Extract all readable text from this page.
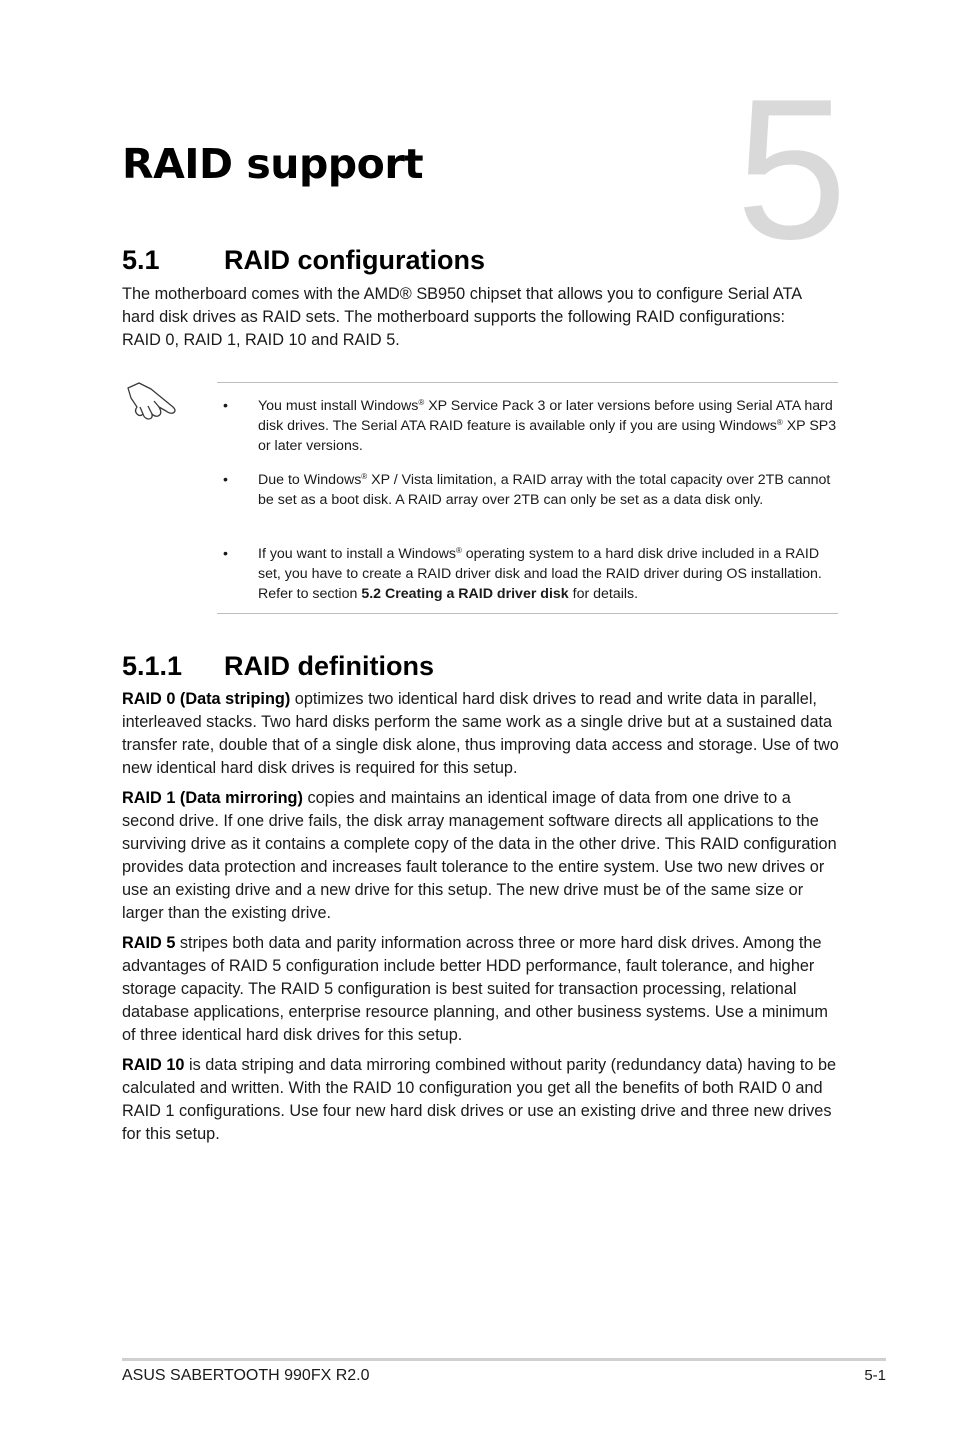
5
RAID support
5.1 RAID configurations

The motherboard comes with the AMD® SB950 chipset that allows you to configure Serial ATA hard disk drives as RAID sets. The motherboard supports the following RAID configurations: RAID 0, RAID 1, RAID 10 and RAID 5.

• You must install Windows® XP Service Pack 3 or later versions before using Serial ATA hard disk drives. The Serial ATA RAID feature is available only if you are using Windows® XP SP3 or later versions.
• Due to Windows® XP / Vista limitation, a RAID array with the total capacity over 2TB cannot be set as a boot disk. A RAID array over 2TB can only be set as a data disk only.
• If you want to install a Windows® operating system to a hard disk drive included in a RAID set, you have to create a RAID driver disk and load the RAID driver during OS installation. Refer to section 5.2 Creating a RAID driver disk for details.
5.1.1 RAID definitions

RAID 0 (Data striping) optimizes two identical hard disk drives to read and write data in parallel, interleaved stacks. Two hard disks perform the same work as a single drive but at a sustained data transfer rate, double that of a single disk alone, thus improving data access and storage. Use of two new identical hard disk drives is required for this setup.

RAID 1 (Data mirroring) copies and maintains an identical image of data from one drive to a second drive. If one drive fails, the disk array management software directs all applications to the surviving drive as it contains a complete copy of the data in the other drive. This RAID configuration provides data protection and increases fault tolerance to the entire system. Use two new drives or use an existing drive and a new drive for this setup. The new drive must be of the same size or larger than the existing drive.

RAID 5 stripes both data and parity information across three or more hard disk drives. Among the advantages of RAID 5 configuration include better HDD performance, fault tolerance, and higher storage capacity. The RAID 5 configuration is best suited for transaction processing, relational database applications, enterprise resource planning, and other business systems. Use a minimum of three identical hard disk drives for this setup.

RAID 10 is data striping and data mirroring combined without parity (redundancy data) having to be calculated and written. With the RAID 10 configuration you get all the benefits of both RAID 0 and RAID 1 configurations. Use four new hard disk drives or use an existing drive and three new drives for this setup.

ASUS SABERTOOTH 990FX R2.0	5-1
